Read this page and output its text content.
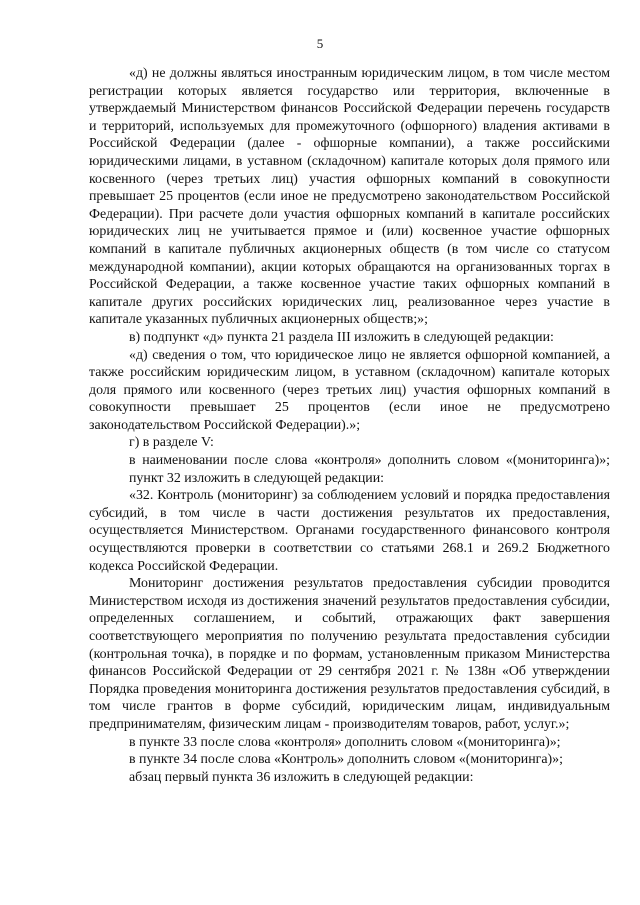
5

«д) не должны являться иностранным юридическим лицом, в том числе местом регистрации которых является государство или территория, включенные в утверждаемый Министерством финансов Российской Федерации перечень государств и территорий, используемых для промежуточного (офшорного) владения активами в Российской Федерации (далее - офшорные компании), а также российскими юридическими лицами, в уставном (складочном) капитале которых доля прямого или косвенного (через третьих лиц) участия офшорных компаний в совокупности превышает 25 процентов (если иное не предусмотрено законодательством Российской Федерации). При расчете доли участия офшорных компаний в капитале российских юридических лиц не учитывается прямое и (или) косвенное участие офшорных компаний в капитале публичных акционерных обществ (в том числе со статусом международной компании), акции которых обращаются на организованных торгах в Российской Федерации, а также косвенное участие таких офшорных компаний в капитале других российских юридических лиц, реализованное через участие в капитале указанных публичных акционерных обществ;»;

в) подпункт «д» пункта 21 раздела III изложить в следующей редакции:

«д) сведения о том, что юридическое лицо не является офшорной компанией, а также российским юридическим лицом, в уставном (складочном) капитале которых доля прямого или косвенного (через третьих лиц) участия офшорных компаний в совокупности превышает 25 процентов (если иное не предусмотрено законодательством Российской Федерации).»;

г) в разделе V:

в наименовании после слова «контроля» дополнить словом «(мониторинга)»;

пункт 32 изложить в следующей редакции:

«32. Контроль (мониторинг) за соблюдением условий и порядка предоставления субсидий, в том числе в части достижения результатов их предоставления, осуществляется Министерством. Органами государственного финансового контроля осуществляются проверки в соответствии со статьями 268.1 и 269.2 Бюджетного кодекса Российской Федерации.

Мониторинг достижения результатов предоставления субсидии проводится Министерством исходя из достижения значений результатов предоставления субсидии, определенных соглашением, и событий, отражающих факт завершения соответствующего мероприятия по получению результата предоставления субсидии (контрольная точка), в порядке и по формам, установленным приказом Министерства финансов Российской Федерации от 29 сентября 2021 г. № 138н «Об утверждении Порядка проведения мониторинга достижения результатов предоставления субсидий, в том числе грантов в форме субсидий, юридическим лицам, индивидуальным предпринимателям, физическим лицам - производителям товаров, работ, услуг.»;

в пункте 33 после слова «контроля» дополнить словом «(мониторинга)»;

в пункте 34 после слова «Контроль» дополнить словом «(мониторинга)»;

абзац первый пункта 36 изложить в следующей редакции:
